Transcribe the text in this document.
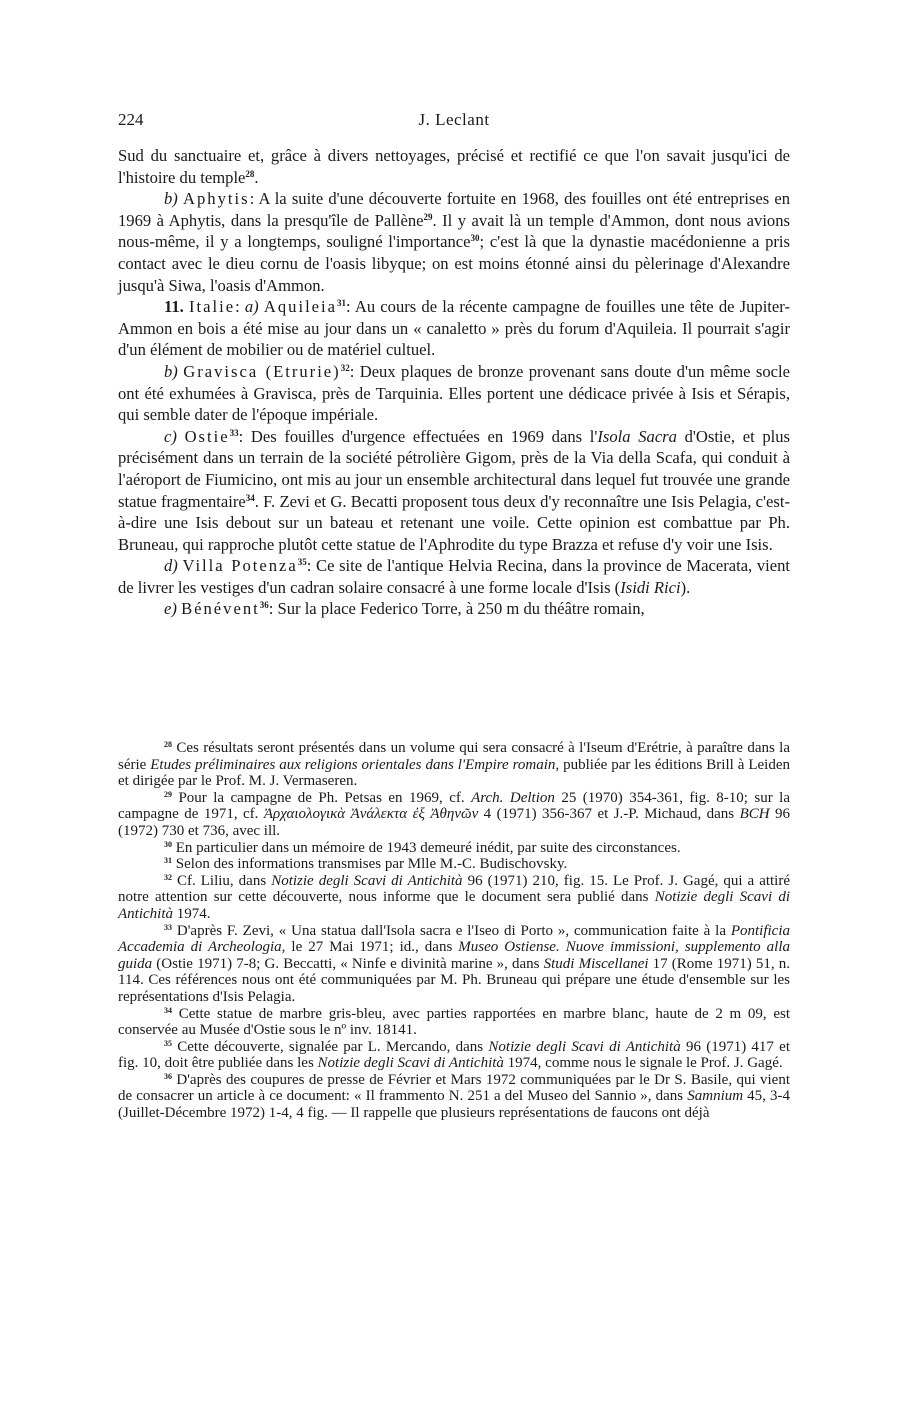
224	J. Leclant

Sud du sanctuaire et, grâce à divers nettoyages, précisé et rectifié ce que l'on savait jusqu'ici de l'histoire du temple$^{28}$.

b) Aphytis: A la suite d'une découverte fortuite en 1968, des fouilles ont été entreprises en 1969 à Aphytis, dans la presqu'île de Pallène$^{29}$. Il y avait là un temple d'Ammon, dont nous avions nous-même, il y a longtemps, souligné l'importance$^{30}$; c'est là que la dynastie macédonienne a pris contact avec le dieu cornu de l'oasis libyque; on est moins étonné ainsi du pèlerinage d'Alexandre jusqu'à Siwa, l'oasis d'Ammon.

11. Italie: a) Aquileia$^{31}$: Au cours de la récente campagne de fouilles une tête de Jupiter-Ammon en bois a été mise au jour dans un « canaletto » près du forum d'Aquileia. Il pourrait s'agir d'un élément de mobilier ou de matériel cultuel.

b) Gravisca (Etrurie)$^{32}$: Deux plaques de bronze provenant sans doute d'un même socle ont été exhumées à Gravisca, près de Tarquinia. Elles portent une dédicace privée à Isis et Sérapis, qui semble dater de l'époque impériale.

c) Ostie$^{33}$: Des fouilles d'urgence effectuées en 1969 dans l'Isola Sacra d'Ostie, et plus précisément dans un terrain de la société pétrolière Gigom, près de la Via della Scafa, qui conduit à l'aéroport de Fiumicino, ont mis au jour un ensemble architectural dans lequel fut trouvée une grande statue fragmentaire$^{34}$. F. Zevi et G. Becatti proposent tous deux d'y reconnaître une Isis Pelagia, c'est-à-dire une Isis debout sur un bateau et retenant une voile. Cette opinion est combattue par Ph. Bruneau, qui rapproche plutôt cette statue de l'Aphrodite du type Brazza et refuse d'y voir une Isis.

d) Villa Potenza$^{35}$: Ce site de l'antique Helvia Recina, dans la province de Macerata, vient de livrer les vestiges d'un cadran solaire consacré à une forme locale d'Isis (Isidi Rici).

e) Bénévent$^{36}$: Sur la place Federico Torre, à 250 m du théâtre romain,

$^{28}$ Ces résultats seront présentés dans un volume qui sera consacré à l'Iseum d'Erétrie, à paraître dans la série Etudes préliminaires aux religions orientales dans l'Empire romain, publiée par les éditions Brill à Leiden et dirigée par le Prof. M. J. Vermaseren.

$^{29}$ Pour la campagne de Ph. Petsas en 1969, cf. Arch. Deltion 25 (1970) 354-361, fig. 8-10; sur la campagne de 1971, cf. Ἀρχαιολογικὰ Ἀνάλεκτα ἐξ Ἀθηνῶν 4 (1971) 356-367 et J.-P. Michaud, dans BCH 96 (1972) 730 et 736, avec ill.

$^{30}$ En particulier dans un mémoire de 1943 demeuré inédit, par suite des circonstances.

$^{31}$ Selon des informations transmises par Mlle M.-C. Budischovsky.

$^{32}$ Cf. Liliu, dans Notizie degli Scavi di Antichità 96 (1971) 210, fig. 15. Le Prof. J. Gagé, qui a attiré notre attention sur cette découverte, nous informe que le document sera publié dans Notizie degli Scavi di Antichità 1974.

$^{33}$ D'après F. Zevi, « Una statua dall'Isola sacra e l'Iseo di Porto », communication faite à la Pontificia Accademia di Archeologia, le 27 Mai 1971; id., dans Museo Ostiense. Nuove immissioni, supplemento alla guida (Ostie 1971) 7-8; G. Beccatti, « Ninfe e divinità marine », dans Studi Miscellanei 17 (Rome 1971) 51, n. 114. Ces références nous ont été communiquées par M. Ph. Bruneau qui prépare une étude d'ensemble sur les représentations d'Isis Pelagia.

$^{34}$ Cette statue de marbre gris-bleu, avec parties rapportées en marbre blanc, haute de 2 m 09, est conservée au Musée d'Ostie sous le nº inv. 18141.

$^{35}$ Cette découverte, signalée par L. Mercando, dans Notizie degli Scavi di Antichità 96 (1971) 417 et fig. 10, doit être publiée dans les Notizie degli Scavi di Antichità 1974, comme nous le signale le Prof. J. Gagé.

$^{36}$ D'après des coupures de presse de Février et Mars 1972 communiquées par le Dr S. Basile, qui vient de consacrer un article à ce document: « Il frammento N. 251 a del Museo del Sannio », dans Samnium 45, 3-4 (Juillet-Décembre 1972) 1-4, 4 fig. — Il rappelle que plusieurs représentations de faucons ont déjà
